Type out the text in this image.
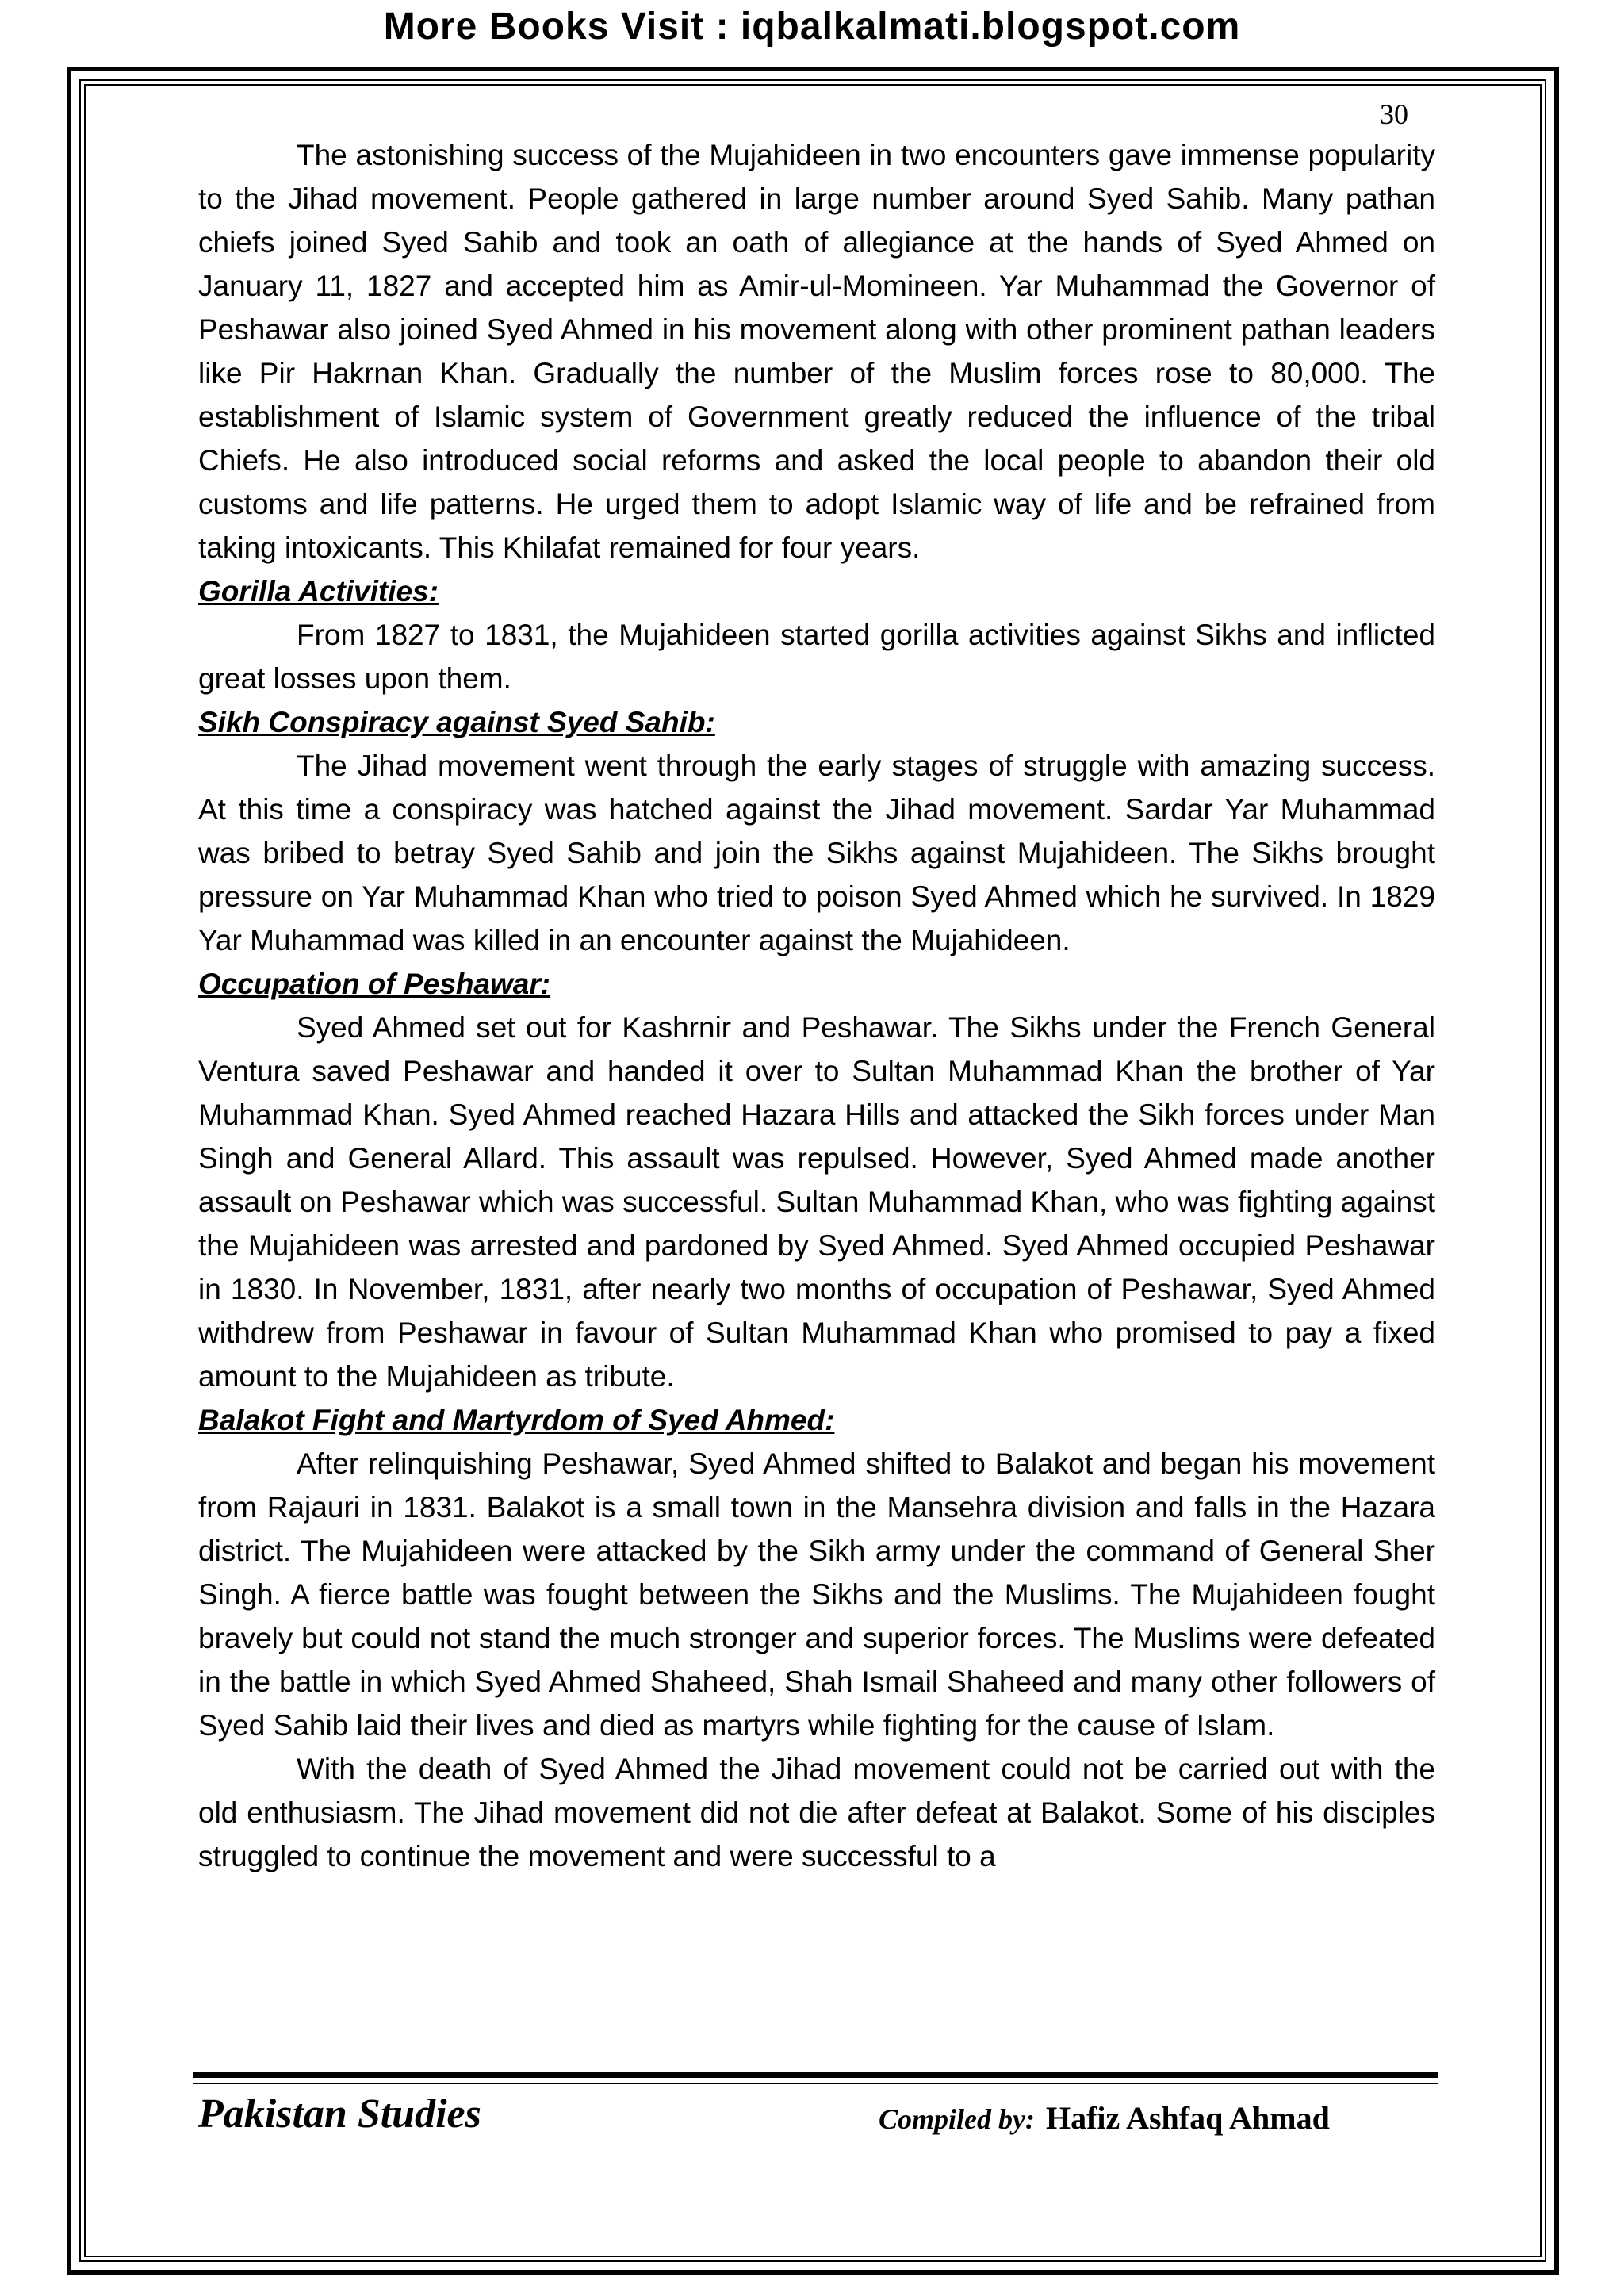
More Books Visit : iqbalkalmati.blogspot.com
30

The astonishing success of the Mujahideen in two encounters gave immense popularity to the Jihad movement. People gathered in large number around Syed Sahib. Many pathan chiefs joined Syed Sahib and took an oath of allegiance at the hands of Syed Ahmed on January 11, 1827 and accepted him as Amir-ul-Momineen. Yar Muhammad the Governor of Peshawar also joined Syed Ahmed in his movement along with other prominent pathan leaders like Pir Hakrnan Khan. Gradually the number of the Muslim forces rose to 80,000. The establishment of Islamic system of Government greatly reduced the influence of the tribal Chiefs. He also introduced social reforms and asked the local people to abandon their old customs and life patterns. He urged them to adopt Islamic way of life and be refrained from taking intoxicants. This Khilafat remained for four years.

Gorilla Activities:

From 1827 to 1831, the Mujahideen started gorilla activities against Sikhs and inflicted great losses upon them.

Sikh Conspiracy against Syed Sahib:

The Jihad movement went through the early stages of struggle with amazing success. At this time a conspiracy was hatched against the Jihad movement. Sardar Yar Muhammad was bribed to betray Syed Sahib and join the Sikhs against Mujahideen. The Sikhs brought pressure on Yar Muhammad Khan who tried to poison Syed Ahmed which he survived. In 1829 Yar Muhammad was killed in an encounter against the Mujahideen.

Occupation of Peshawar:

Syed Ahmed set out for Kashrnir and Peshawar. The Sikhs under the French General Ventura saved Peshawar and handed it over to Sultan Muhammad Khan the brother of Yar Muhammad Khan. Syed Ahmed reached Hazara Hills and attacked the Sikh forces under Man Singh and General Allard. This assault was repulsed. However, Syed Ahmed made another assault on Peshawar which was successful. Sultan Muhammad Khan, who was fighting against the Mujahideen was arrested and pardoned by Syed Ahmed. Syed Ahmed occupied Peshawar in 1830. In November, 1831, after nearly two months of occupation of Peshawar, Syed Ahmed withdrew from Peshawar in favour of Sultan Muhammad Khan who promised to pay a fixed amount to the Mujahideen as tribute.

Balakot Fight and Martyrdom of Syed Ahmed:

After relinquishing Peshawar, Syed Ahmed shifted to Balakot and began his movement from Rajauri in 1831. Balakot is a small town in the Mansehra division and falls in the Hazara district. The Mujahideen were attacked by the Sikh army under the command of General Sher Singh. A fierce battle was fought between the Sikhs and the Muslims. The Mujahideen fought bravely but could not stand the much stronger and superior forces. The Muslims were defeated in the battle in which Syed Ahmed Shaheed, Shah Ismail Shaheed and many other followers of Syed Sahib laid their lives and died as martyrs while fighting for the cause of Islam.

With the death of Syed Ahmed the Jihad movement could not be carried out with the old enthusiasm. The Jihad movement did not die after defeat at Balakot. Some of his disciples struggled to continue the movement and were successful to a

Pakistan Studies	Compiled by: Hafiz Ashfaq Ahmad
